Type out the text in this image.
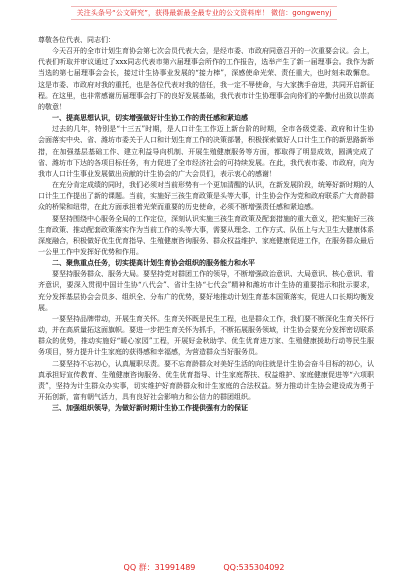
关注头条号“公文研究”，获得最新最全最专业的公文资料库！ 微信：gongwenyj

尊敬各位代表、同志们：

今天召开的全市计划生育协会第七次会员代表大会，是经市委、市政府同意召开的一次重要会议。会上，代表们听取并审议通过了xxx同志代表市第六届理事会所作的工作报告，选举产生了新一届理事会。我作为新当选的第七届理事会会长，接过计生协事业发展的“接力棒”，深感使命光荣、责任重大，也时刻未敢懈怠。这是市委、市政府对我的重托，也是各位代表对我的信任，我一定不辱使命，与大家携手奋进，共同开启新征程。在这里，也非常感谢历届理事会打下的良好发展基础，我代表市计生协理事会向你们的辛勤付出致以崇高的敬意！

一、提高思想认识，切实增强做好计生协工作的责任感和紧迫感

过去的几年，特别是“十三五”时期，是人口计生工作迈上新台阶的时期，全市各级党委、政府和计生协会面落实中央、省、潍坊市委关于人口和计划生育工作的决策部署，积极探索做好人口计生工作的新思路新举措，在加强基层基础工作、建立利益导向机制、开展生殖健康服务等方面，都取得了明显成效，圆满完成了省、潍坊市下达的各项目标任务，有力促进了全市经济社会的可持续发展。在此，我代表市委、市政府，向为我市人口计生事业发展做出贡献的计生协会的广大会员们，表示衷心的感谢！

在充分肯定成绩的同时，我们必须对当前形势有一个更加清醒的认识，在新发展阶段，统筹好新时期的人口计生工作提出了新的课题。当前，实施好三孩生育政策是头等大事，计生协会作为党和政府联系广大育龄群众的桥梁和纽带，在此方面承担着光荣而重要的历史使命，必须不断增强责任感和紧迫感。

要坚持围绕中心服务全局的工作定位，深刻认识实施三孩生育政策及配套措施的重大意义，把实施好三孩生育政策、推动配套政策落实作为当前工作的头等大事，需要从理念、工作方式、队伍上与大卫生大健康体系深度融合，积极做好优生优育指导、生殖健康咨询服务、群众权益维护、家庭健康促进工作，在服务群众最后一公里工作中发挥好优势和作用。

二、聚焦重点任务，切实提高计划生育协会组织的服务能力和水平

要坚持服务群众、服务大局。要坚持党对群团工作的领导，不断增强政治意识、大局意识、核心意识、看齐意识，要深入贯彻中国计生协“八代会”、省计生协“七代会”精神和潍坊市计生协的重要指示和批示要求，充分发挥基层协会会员多、组织全、分布广的优势，要好地推动计划生育基本国策落实，促进人口长期均衡发展。

一要坚持品牌带动，开展生育关怀。生育关怀既是民生工程，也是群众工作，我们要不断深化生育关怀行动，并在高质量拓这面旗帜。要进一步把生育关怀为抓手，不断拓展服务领域，计生协会要充分发挥密切联系群众的优势，推动实施好“暖心家园”工程，开展好金秋助学、优生优育进万家、生殖健康援助行动等民生服务项目，努力提升计生家庭的获得感和幸福感，为营造群众当好服务员。

二要坚持不忘初心，认真履职尽责。要不忘育龄群众对美好生活的向往就是计生协会奋斗目标的初心，认真承担好宣传教育、生殖健康咨询服务、优生优育指导、计生家庭帮扶、权益维护、家庭健康促进等“六项职责”，坚持为计生群众办实事，切实维护好育龄群众和计生家庭的合法权益。努力推动计生协会建设成为勇于开拓创新，富有朝气活力，具有良好社会影响力和公信力的群团组织。

三、加强组织领导，为做好新时期计生协工作提供强有力的保证

QQ 群：31991489	QQ:535304092
